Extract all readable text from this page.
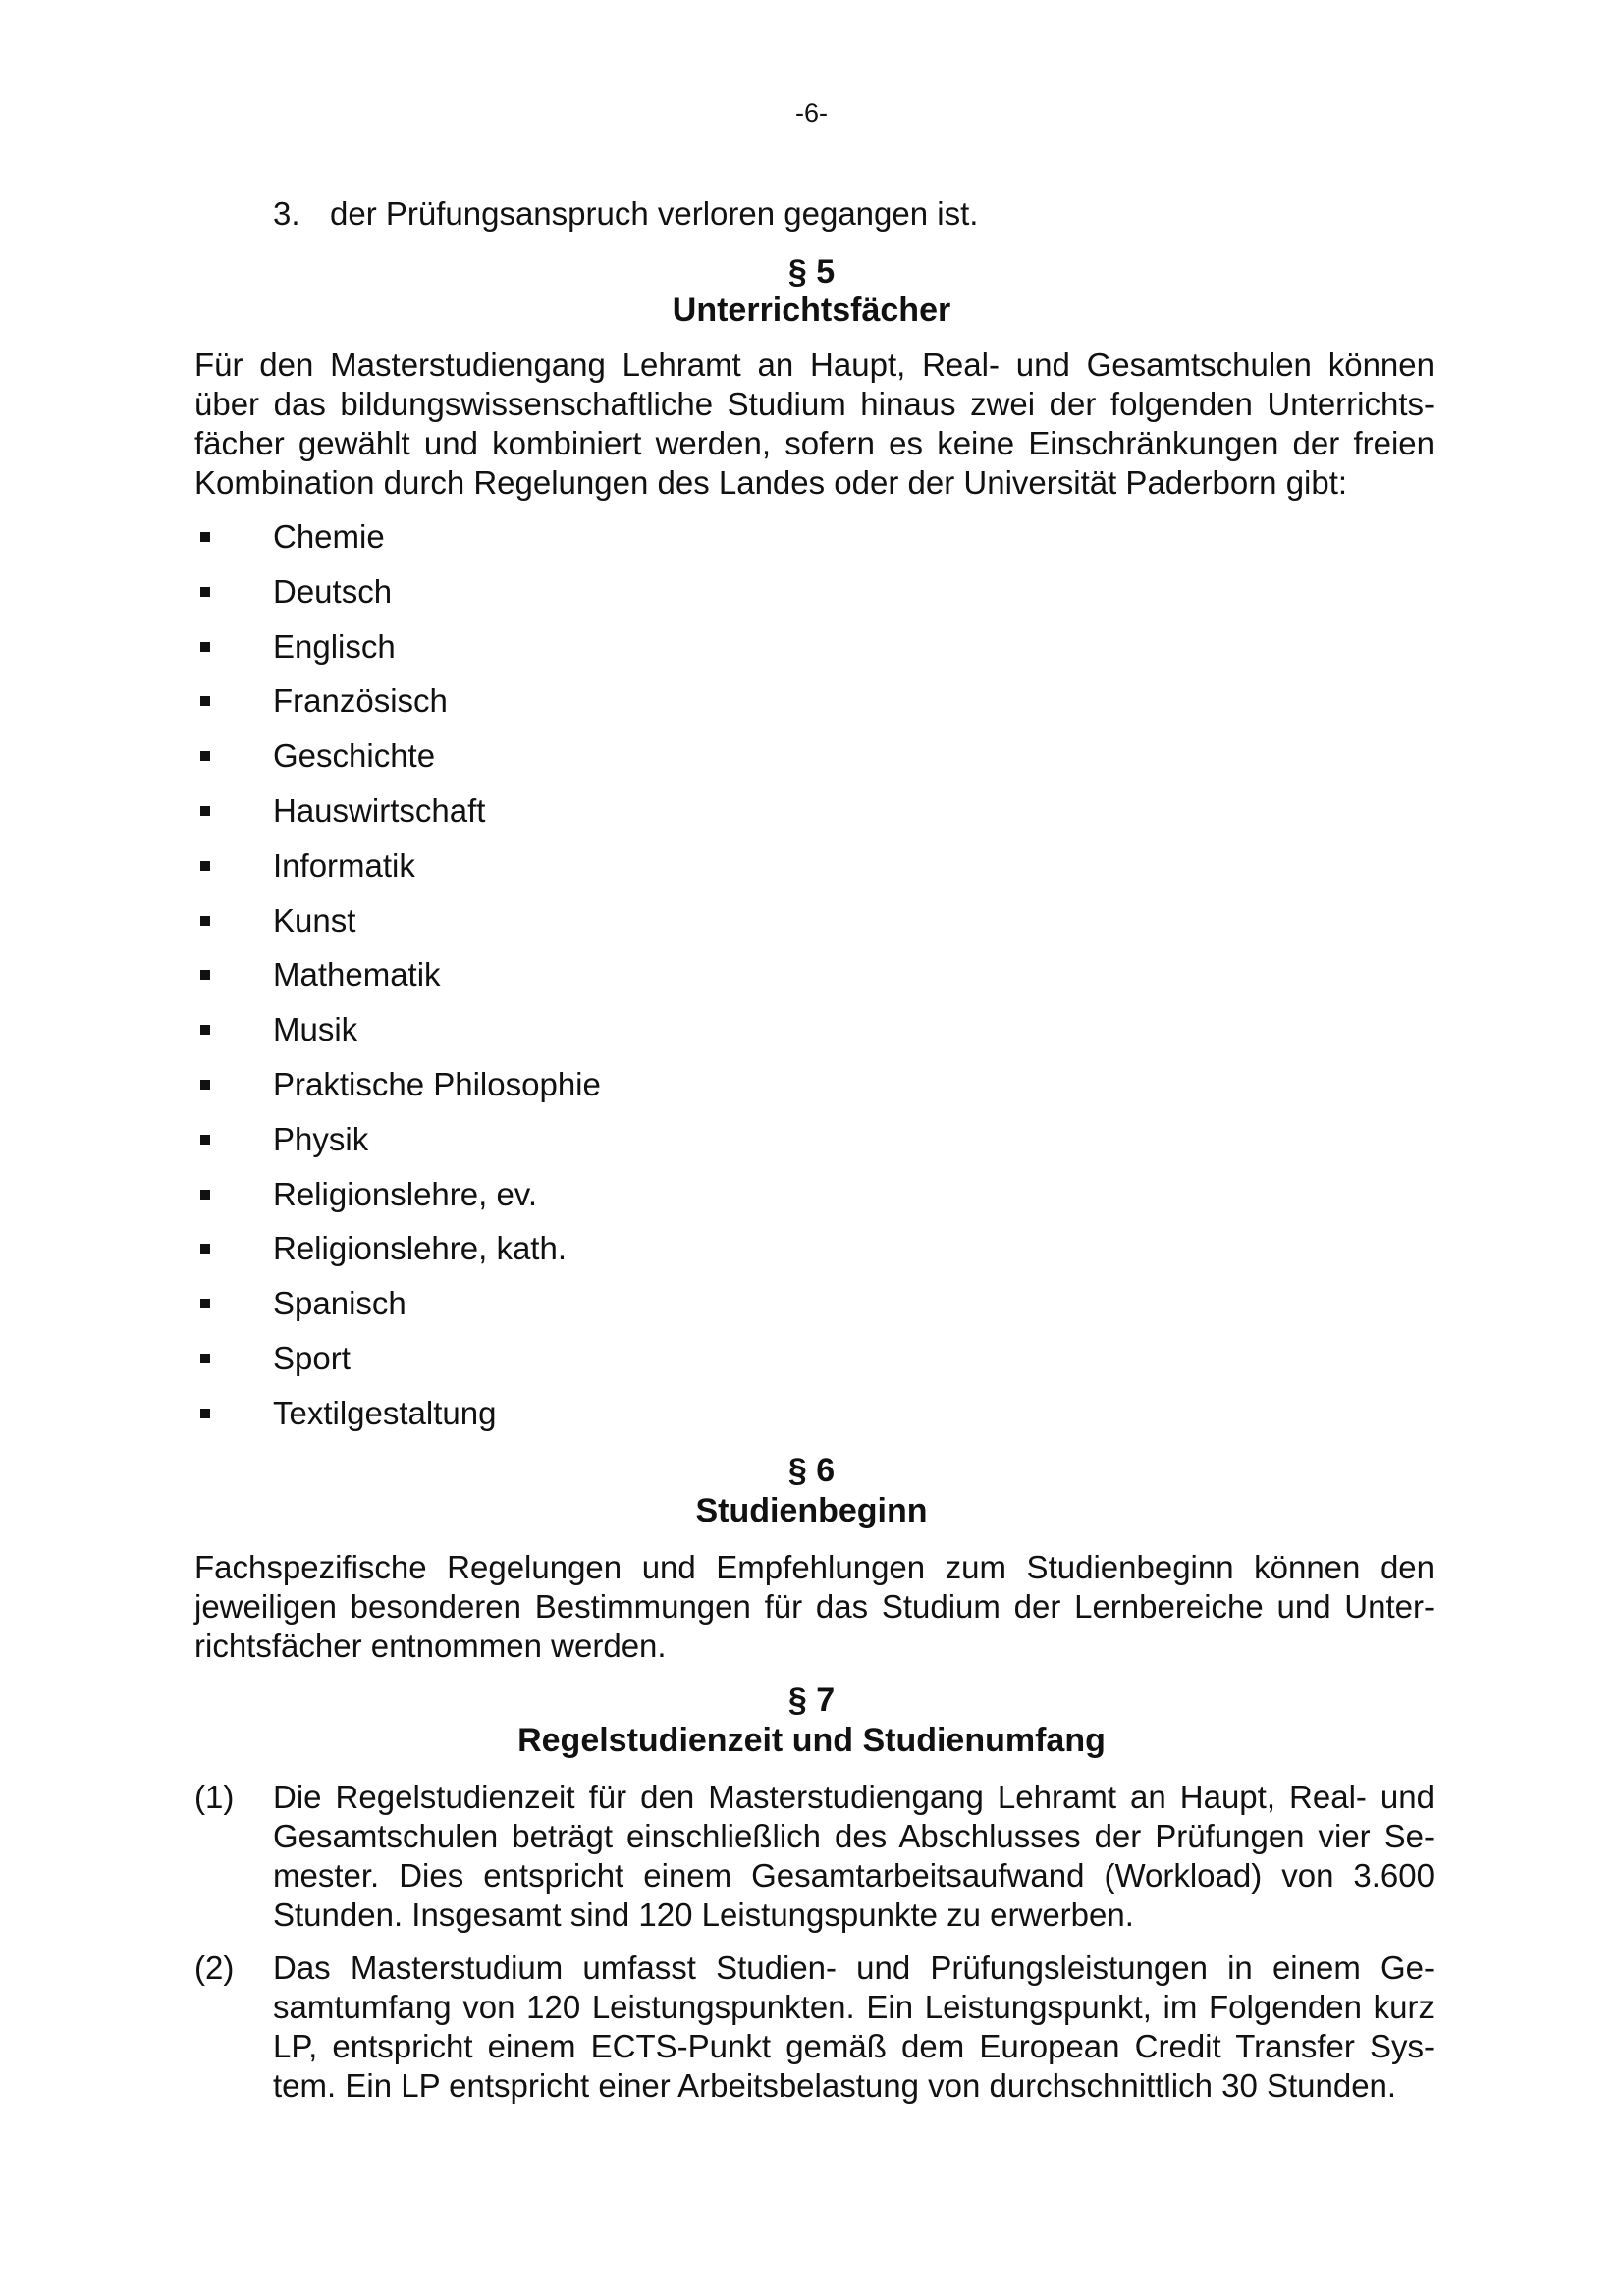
-6-
3. der Prüfungsanspruch verloren gegangen ist.
§ 5
Unterrichtsfächer
Für den Masterstudiengang Lehramt an Haupt, Real- und Gesamtschulen können
über das bildungswissenschaftliche Studium hinaus zwei der folgenden Unterrichts-
fächer gewählt und kombiniert werden, sofern es keine Einschränkungen der freien
Kombination durch Regelungen des Landes oder der Universität Paderborn gibt:
Chemie
Deutsch
Englisch
Französisch
Geschichte
Hauswirtschaft
Informatik
Kunst
Mathematik
Musik
Praktische Philosophie
Physik
Religionslehre, ev.
Religionslehre, kath.
Spanisch
Sport
Textilgestaltung
§ 6
Studienbeginn
Fachspezifische Regelungen und Empfehlungen zum Studienbeginn können den
jeweiligen besonderen Bestimmungen für das Studium der Lernbereiche und Unter-
richtsfächer entnommen werden.
§ 7
Regelstudienzeit und Studienumfang
(1) Die Regelstudienzeit für den Masterstudiengang Lehramt an Haupt, Real- und
Gesamtschulen beträgt einschließlich des Abschlusses der Prüfungen vier Se-
mester. Dies entspricht einem Gesamtarbeitsaufwand (Workload) von 3.600
Stunden. Insgesamt sind 120 Leistungspunkte zu erwerben.
(2) Das Masterstudium umfasst Studien- und Prüfungsleistungen in einem Ge-
samtumfang von 120 Leistungspunkten. Ein Leistungspunkt, im Folgenden kurz
LP, entspricht einem ECTS-Punkt gemäß dem European Credit Transfer Sys-
tem. Ein LP entspricht einer Arbeitsbelastung von durchschnittlich 30 Stunden.
